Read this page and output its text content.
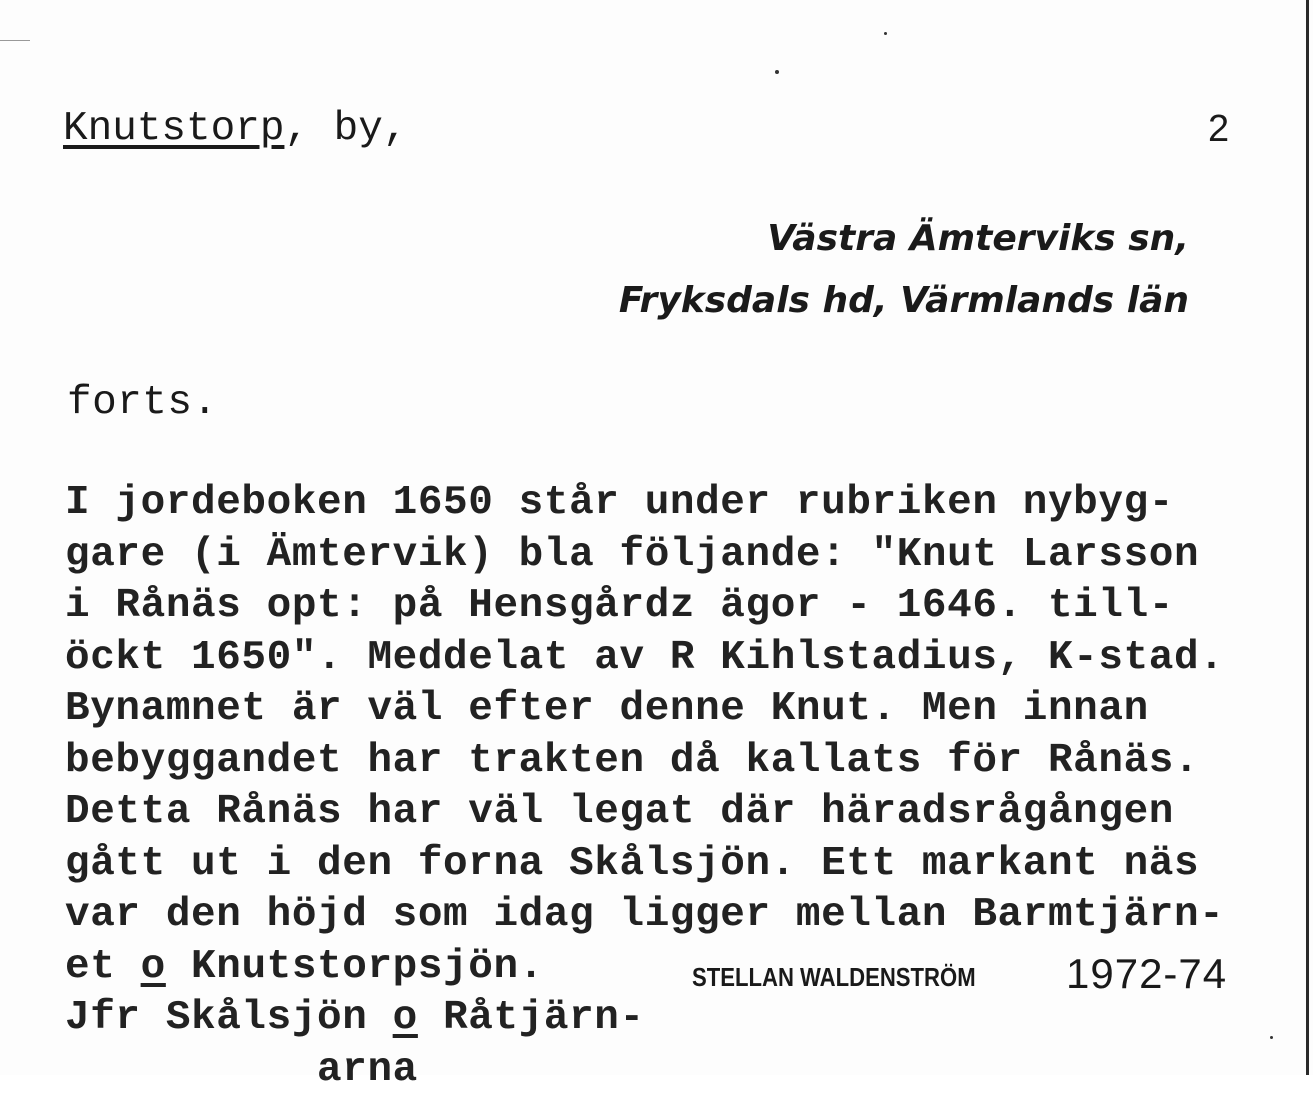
Knutstorp, by,	2
Västra Ämterviks sn,
Fryksdals hd, Värmlands län
forts.
I jordeboken 1650 står under rubriken nybyg-
gare (i Ämtervik) bla följande: "Knut Larsson
i Rånäs opt: på Hensgårdz ägor - 1646. till-
öckt 1650". Meddelat av R Kihlstadius, K-stad.
Bynamnet är väl efter denne Knut. Men innan
bebyggandet har trakten då kallats för Rånäs.
Detta Rånäs har väl legat där häradsrågången
gått ut i den forna Skålsjön. Ett markant näs
var den höjd som idag ligger mellan Barmtjärn-
et o Knutstorpsjön.
Jfr Skålsjön o Råtjärn-
arna
STELLAN WALDENSTRÖM 1972-74
